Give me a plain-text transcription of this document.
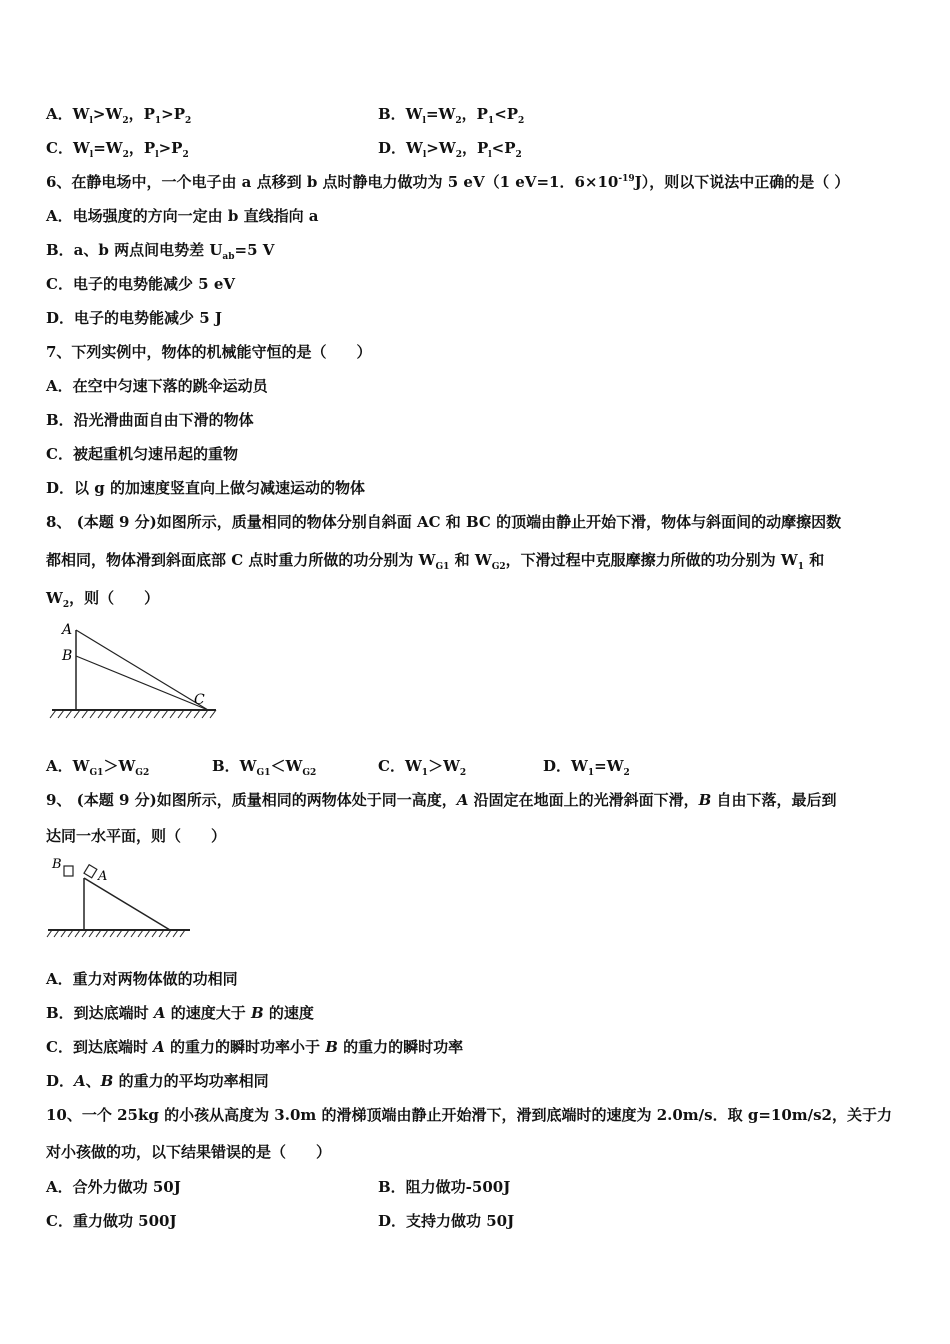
A．$W_l>W_2$，$P_1>P_2$	B．$W_l=W_2$，$P_1<P_2$
C．$W_l=W_2$，$P_l>P_2$	D．$W_l>W_2$，$P_l<P_2$
6、在静电场中，一个电子由 a 点移到 b 点时静电力做功为 5 eV（1 eV=1．$6\times 10^{-19}J$），则以下说法中正确的是（ ）
A．电场强度的方向一定由 b 直线指向 a
B．a、b 两点间电势差 $U_{ab}=5$ V
C．电子的电势能减少 5 eV
D．电子的电势能减少 5 J
7、下列实例中，物体的机械能守恒的是（　　）
A．在空中匀速下落的跳伞运动员
B．沿光滑曲面自由下滑的物体
C．被起重机匀速吊起的重物
D．以 g 的加速度竖直向上做匀减速运动的物体
8、 (本题 9 分)如图所示，质量相同的物体分别自斜面 AC 和 BC 的顶端由静止开始下滑，物体与斜面间的动摩擦因数
都相同，物体滑到斜面底部 C 点时重力所做的功分别为 $W_{G1}$ 和 $W_{G2}$，下滑过程中克服摩擦力所做的功分别为 $W_1$ 和
$W_2$，则（　　）
A
B
C
A．$W_{G1}>W_{G2}$	B．$W_{G1}<W_{G2}$	C．$W_1>W_2$	D．$W_1=W_2$
9、 (本题 9 分)如图所示，质量相同的两物体处于同一高度，A 沿固定在地面上的光滑斜面下滑，B 自由下落，最后到
达同一水平面，则（　　）
B
A
A．重力对两物体做的功相同
B．到达底端时 A 的速度大于 B 的速度
C．到达底端时 A 的重力的瞬时功率小于 B 的重力的瞬时功率
D．A、B 的重力的平均功率相同
10、一个 25kg 的小孩从高度为 3.0m 的滑梯顶端由静止开始滑下，滑到底端时的速度为 2.0m/s．取 g=10m/s2，关于力
对小孩做的功，以下结果错误的是（　　）
A．合外力做功 50J	B．阻力做功-500J
C．重力做功 500J	D．支持力做功 50J
